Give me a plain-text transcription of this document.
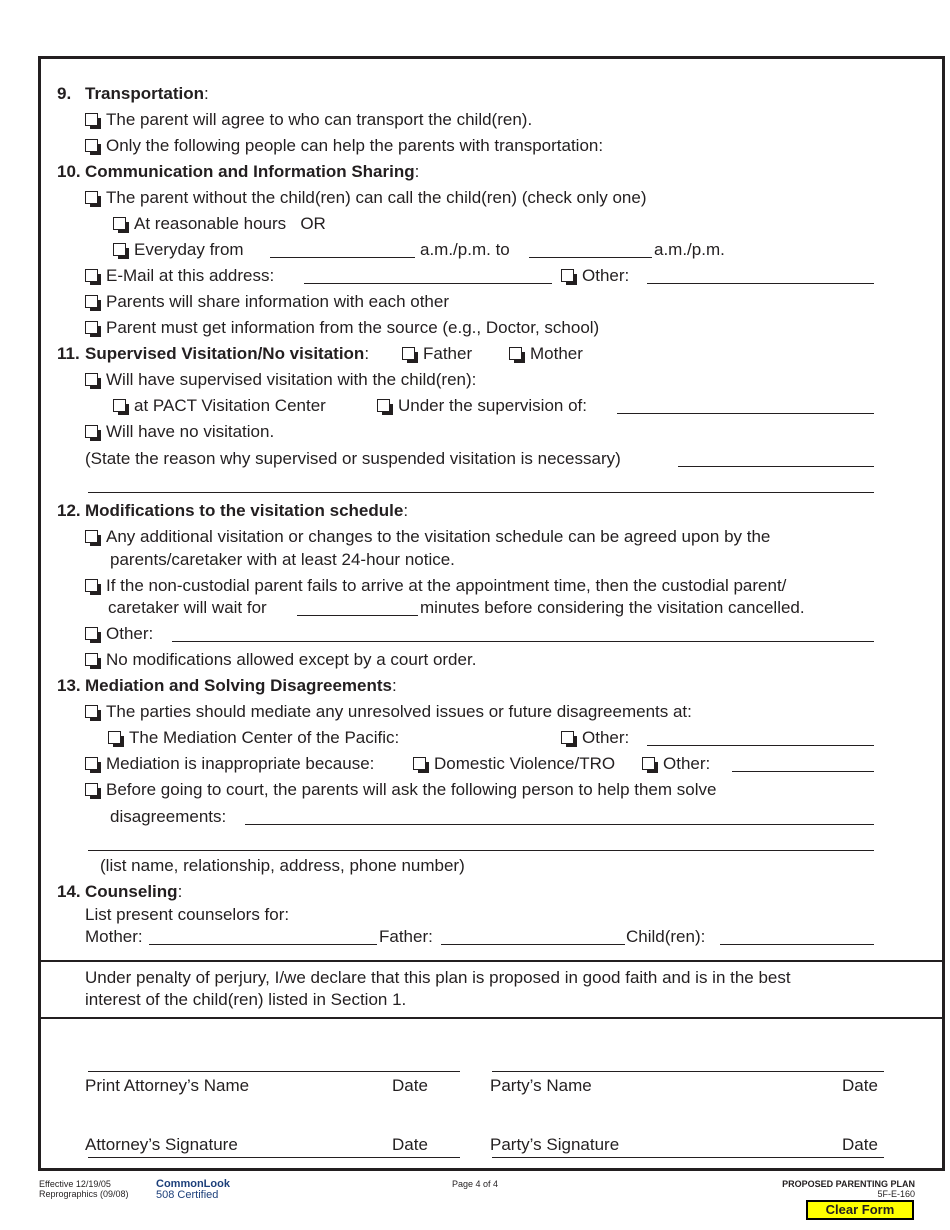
9. Transportation:
The parent will agree to who can transport the child(ren).
Only the following people can help the parents with transportation:
10. Communication and Information Sharing:
The parent without the child(ren) can call the child(ren) (check only one)
At reasonable hours   OR
Everyday from	a.m./p.m. to	a.m./p.m.
E-Mail at this address:	Other:
Parents will share information with each other
Parent must get information from the source (e.g., Doctor, school)
11. Supervised Visitation/No visitation:	Father	Mother
Will have supervised visitation with the child(ren):
at PACT Visitation Center	Under the supervision of:
Will have no visitation.
(State the reason why supervised or suspended visitation is necessary)
12. Modifications to the visitation schedule:
Any additional visitation or changes to the visitation schedule can be agreed upon by the
parents/caretaker with at least 24-hour notice.
If the non-custodial parent fails to arrive at the appointment time, then the custodial parent/
caretaker will wait for	minutes before considering the visitation cancelled.
Other:
No modifications allowed except by a court order.
13. Mediation and Solving Disagreements:
The parties should mediate any unresolved issues or future disagreements at:
The Mediation Center of the Pacific:	Other:
Mediation is inappropriate because:	Domestic Violence/TRO	Other:
Before going to court, the parents will ask the following person to help them solve
disagreements:
(list name, relationship, address, phone number)
14. Counseling:
List present counselors for:
Mother:	Father:	Child(ren):
Under penalty of perjury, I/we declare that this plan is proposed in good faith and is in the best
interest of the child(ren) listed in Section 1.
Print Attorney’s Name	Date	Party’s Name	Date
Attorney’s Signature	Date	Party’s Signature	Date
Effective 12/19/05
Reprographics (09/08)
CommonLook
508 Certified
Page 4 of 4	PROPOSED PARENTING PLAN
5F-E-160
Clear Form
